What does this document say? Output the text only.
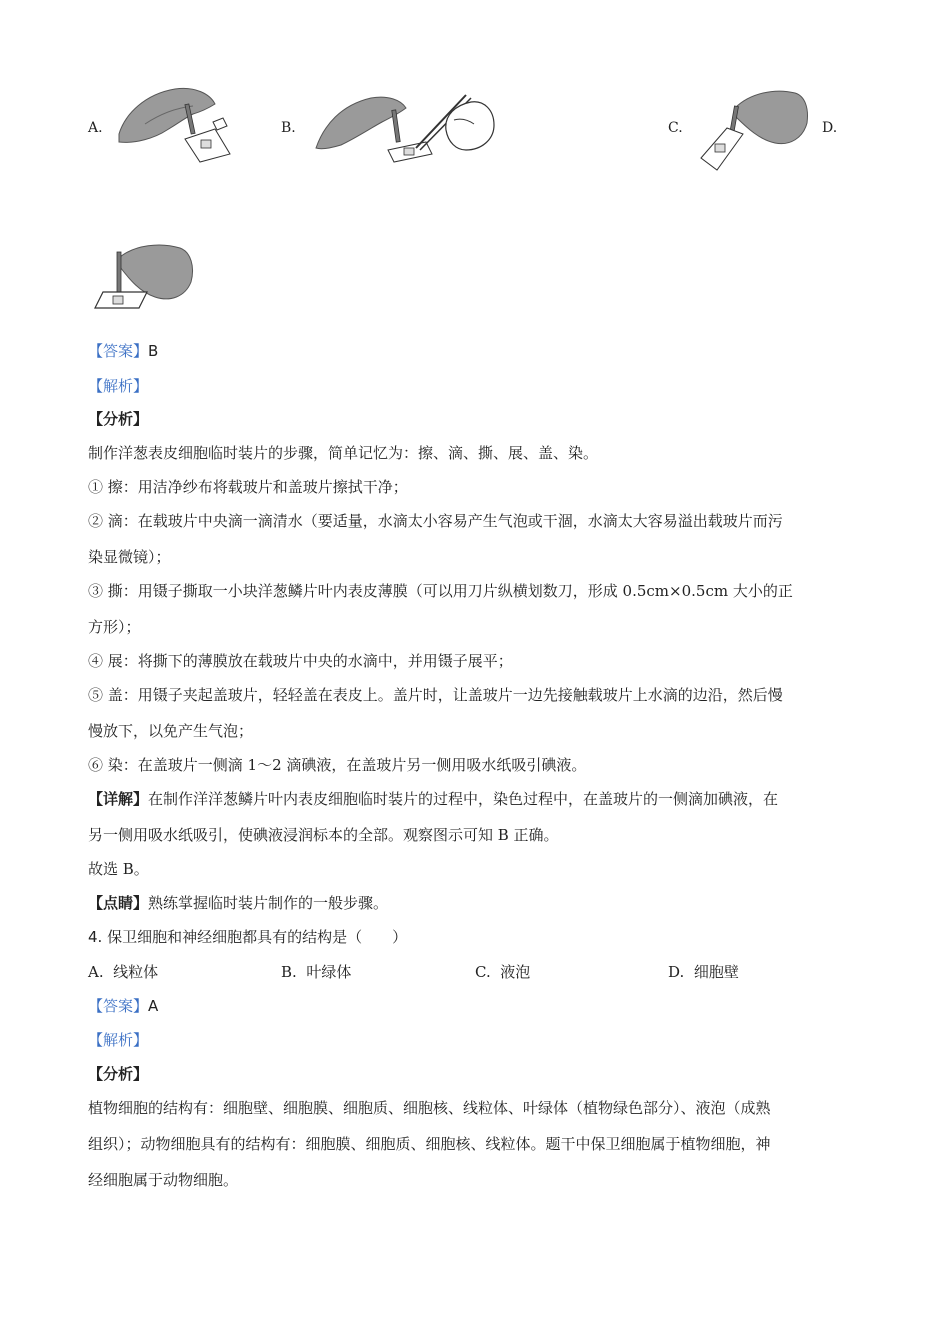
A.	B.	C.	D.
【答案】B
【解析】
【分析】
制作洋葱表皮细胞临时装片的步骤，简单记忆为：擦、滴、撕、展、盖、染。
① 擦：用洁净纱布将载玻片和盖玻片擦拭干净；
② 滴：在载玻片中央滴一滴清水（要适量，水滴太小容易产生气泡或干涸，水滴太大容易溢出载玻片而污
染显微镜）；
③ 撕：用镊子撕取一小块洋葱鳞片叶内表皮薄膜（可以用刀片纵横划数刀，形成 0.5cm×0.5cm 大小的正
方形）；
④ 展：将撕下的薄膜放在载玻片中央的水滴中，并用镊子展平；
⑤ 盖：用镊子夹起盖玻片，轻轻盖在表皮上。盖片时，让盖玻片一边先接触载玻片上水滴的边沿，然后慢
慢放下，以免产生气泡；
⑥ 染：在盖玻片一侧滴 1～2 滴碘液，在盖玻片另一侧用吸水纸吸引碘液。
【详解】在制作洋洋葱鳞片叶内表皮细胞临时装片的过程中，染色过程中，在盖玻片的一侧滴加碘液，在
另一侧用吸水纸吸引，使碘液浸润标本的全部。观察图示可知 B 正确。
故选 B。
【点睛】熟练掌握临时装片制作的一般步骤。
4. 保卫细胞和神经细胞都具有的结构是（　　）
A. 线粒体	B. 叶绿体	C. 液泡	D. 细胞壁
【答案】A
【解析】
【分析】
植物细胞的结构有：细胞壁、细胞膜、细胞质、细胞核、线粒体、叶绿体（植物绿色部分）、液泡（成熟
组织）；动物细胞具有的结构有：细胞膜、细胞质、细胞核、线粒体。题干中保卫细胞属于植物细胞，神
经细胞属于动物细胞。
